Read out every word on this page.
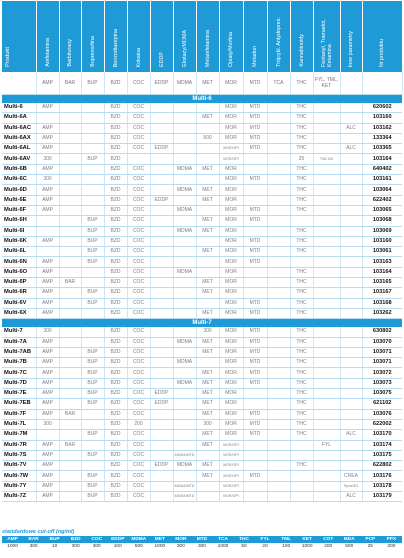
Produkt	Amfetamina	Barbiturany	Buprenorfina	Benzodiazepina	Kokaina	EDDP	Ekstazy/MDMA	Metamfetamina	Opiaty/Morfina	Metadon	Trójcykl. Antydepres.	Kannabinoidy	Fentanyl, Tramadol, Ketamina	Inne parametry	Nr produktu
	AMP	BAR	BUP	BZD	COC	EDDP	MDMA	MET	MOR	MTD	TCA	THC	FYL, TML, KET		
Multi-6															
Multi-6	AMP			BZD	COC				MOR	MTD		THC			620602
Multi-6A				BZD	COC			MET	MOR	MTD		THC			103160
Multi-6AC	AMP			BZD	COC				MOR	MTD		THC		ALC	103162
Multi-6AX	AMP			BZD	COC			500	MOR	MTD		THC			133364
Multi-6AL	AMP			BZD	COC	EDDP			MOR/OPI	MTD		THC		ALC	103365
Multi-6AV	300		BUP	BZD					MOR/OPI			25	TML100		103164
Multi-6B	AMP			BZD	COC		MDMA	MET	MOR			THC			640402
Multi-6C	300			BZD	COC				MOR	MTD		THC			103161
Multi-6D	AMP			BZD	COC		MDMA	MET	MOR			THC			103064
Multi-6E	AMP			BZD	COC	EDDP		MET	MOR			THC			622402
Multi-6F	AMP			BZD	COC		MDMA		MOR	MTD		THC			103065
Multi-6H			BUP	BZD	COC			MET	MOR	MTD					103068
Multi-6I			BUP	BZD	COC		MDMA	MET	MOR			THC			103069
Multi-6K	AMP		BUP	BZD	COC				MOR	MTD		THC			103160
Multi-6L			BUP	BZD	COC			MET	MOR	MTD		THC			103061
Multi-6N	AMP		BUP	BZD	COC				MOR	MTD					103163
Multi-6O	AMP			BZD	COC		MDMA		MOR			THC			103164
Multi-6P	AMP	BAR		BZD	COC			MET	MOR			THC			103165
Multi-6R	AMP		BUP	BZD	COC			MET	MOR			THC			103167
Multi-6V	AMP		BUP	BZD	COC				MOR	MTD		THC			103168
Multi-6X	AMP			BZD	COC			MET	MOR	MTD		THC			103262
Multi-7															
Multi-7	300			BZD	COC			300	MOR	MTD		THC			630802
Multi-7A	AMP			BZD	COC		MDMA	MET	MOR	MTD		THC			103070
Multi-7AB	AMP		BUP	BZD	COC			MET	MOR	MTD		THC			103071
Multi-7B	AMP		BUP	BZD	COC		MDMA		MOR	MTD		THC			103071
Multi-7C	AMP		BUP	BZD	COC			MET	MOR	MTD		THC			103072
Multi-7D	AMP		BUP	BZD	COC		MDMA	MET	MOR	MTD		THC			103073
Multi-7E	AMP		BUP	BZD	COC	EDDP		MET	MOR			THC			103075
Multi-7EB	AMP		BUP	BZD	COC	EDDP		MET	MOR			THC			621102
Multi-7F	AMP	BAR		BZD	COC			MET	MOR	MTD		THC			103076
Multi-7L	300			BZD	200			300	MOR	MTD		THC			622002
Multi-7M			BUP	BZD	COC			MET	MOR	MTD		THC		ALC	103170
Multi-7R	AMP	BAR		BZD	COC			MET	MOR/OPI				FYL		103174
Multi-7S	AMP		BUP	BZD	COC		MDMA/MTD		MOR/OPI						103175
Multi-7V	AMP			BZD	COC	EDDP	MDMA	MET	MOR/OPI			THC			622802
Multi-7W	AMP		BUP	BZD	COC			MET	MOR/OPI	MTD				CREA	103176
Multi-7Y	AMP		BUP	BZD	COC		MDMA/MTD		MOR/OPI					Spice/K3	103178
Multi-7Z	AMP		BUP	BZD	COC		MDMA/MTD		MOR/OPI					ALC	103179
standardowe cut-off (ng/ml)
AMP	BAR	BUP	BZD	COC	EDDP	MDMA	MET	MOR	MTD	TCA	THC	FYL	TML	KET	COT	MDA	PCP	PPX
1000	300	10	300	300	100	500	1000	300	300	1000	50	20	100	1000	200	500	25	300
